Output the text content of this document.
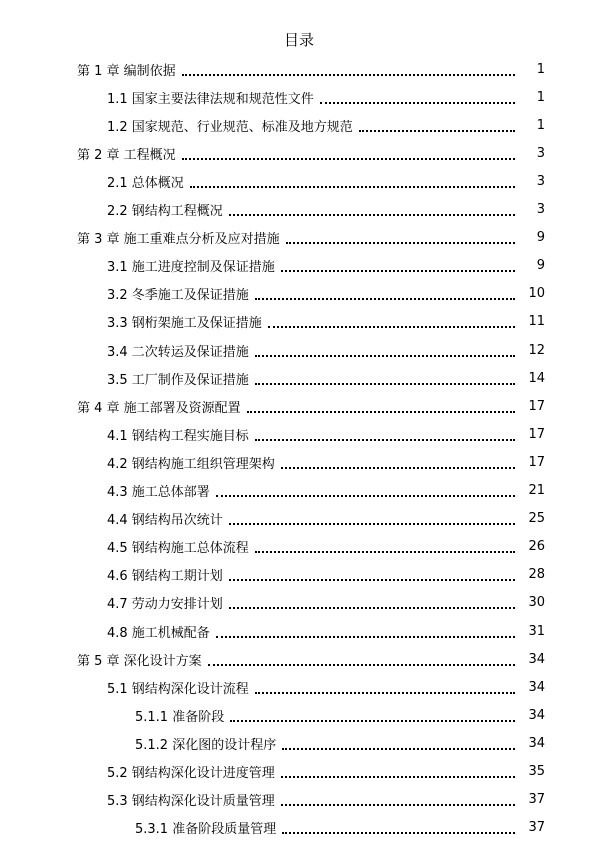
目录
第 1 章 编制依据	1
1.1 国家主要法律法规和规范性文件	1
1.2 国家规范、行业规范、标准及地方规范	1
第 2 章 工程概况	3
2.1 总体概况	3
2.2 钢结构工程概况	3
第 3 章 施工重难点分析及应对措施	9
3.1 施工进度控制及保证措施	9
3.2 冬季施工及保证措施	10
3.3 钢桁架施工及保证措施	11
3.4 二次转运及保证措施	12
3.5 工厂制作及保证措施	14
第 4 章 施工部署及资源配置	17
4.1 钢结构工程实施目标	17
4.2 钢结构施工组织管理架构	17
4.3 施工总体部署	21
4.4 钢结构吊次统计	25
4.5 钢结构施工总体流程	26
4.6 钢结构工期计划	28
4.7 劳动力安排计划	30
4.8 施工机械配备	31
第 5 章 深化设计方案	34
5.1 钢结构深化设计流程	34
5.1.1 准备阶段	34
5.1.2 深化图的设计程序	34
5.2 钢结构深化设计进度管理	35
5.3 钢结构深化设计质量管理	37
5.3.1 准备阶段质量管理	37
